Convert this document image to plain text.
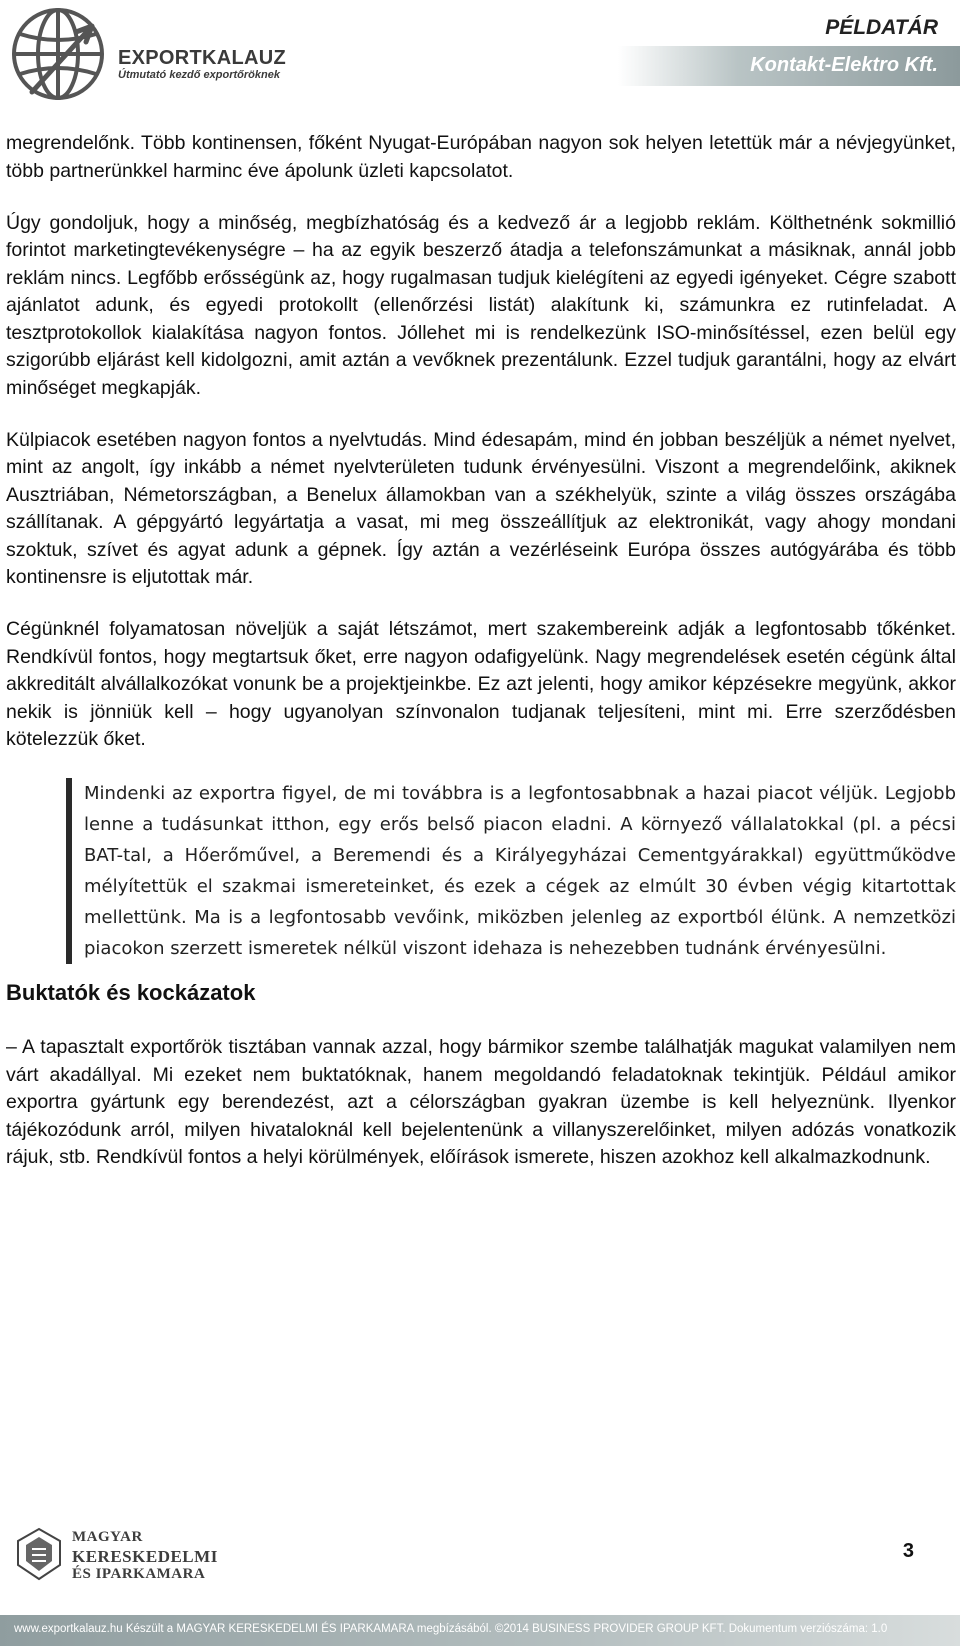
EXPORTKALAUZ
Útmutató kezdő exportőröknek
PÉLDATÁR
Kontakt-Elektro Kft.

megrendelőnk. Több kontinensen, főként Nyugat-Európában nagyon sok helyen letettük már a névjegyünket, több partnerünkkel harminc éve ápolunk üzleti kapcsolatot.

Úgy gondoljuk, hogy a minőség, megbízhatóság és a kedvező ár a legjobb reklám. Költhetnénk sokmillió forintot marketingtevékenységre – ha az egyik beszerző átadja a telefonszámunkat a másiknak, annál jobb reklám nincs. Legfőbb erősségünk az, hogy rugalmasan tudjuk kielégíteni az egyedi igényeket. Cégre szabott ajánlatot adunk, és egyedi protokollt (ellenőrzési listát) alakítunk ki, számunkra ez rutinfeladat. A tesztprotokollok kialakítása nagyon fontos. Jóllehet mi is rendelkezünk ISO-minősítéssel, ezen belül egy szigorúbb eljárást kell kidolgozni, amit aztán a vevőknek prezentálunk. Ezzel tudjuk garantálni, hogy az elvárt minőséget megkapják.

Külpiacok esetében nagyon fontos a nyelvtudás. Mind édesapám, mind én jobban beszéljük a német nyelvet, mint az angolt, így inkább a német nyelvterületen tudunk érvényesülni. Viszont a megrendelőink, akiknek Ausztriában, Németországban, a Benelux államokban van a székhelyük, szinte a világ összes országába szállítanak. A gépgyártó legyártatja a vasat, mi meg összeállítjuk az elektronikát, vagy ahogy mondani szoktuk, szívet és agyat adunk a gépnek. Így aztán a vezérléseink Európa összes autógyárába és több kontinensre is eljutottak már.

Cégünknél folyamatosan növeljük a saját létszámot, mert szakembereink adják a legfontosabb tőkénket. Rendkívül fontos, hogy megtartsuk őket, erre nagyon odafigyelünk. Nagy megrendelések esetén cégünk által akkreditált alvállalkozókat vonunk be a projektjeinkbe. Ez azt jelenti, hogy amikor képzésekre megyünk, akkor nekik is jönniük kell – hogy ugyanolyan színvonalon tudjanak teljesíteni, mint mi. Erre szerződésben kötelezzük őket.

Mindenki az exportra figyel, de mi továbbra is a legfontosabbnak a hazai piacot véljük. Legjobb lenne a tudásunkat itthon, egy erős belső piacon eladni. A környező vállalatokkal (pl. a pécsi BAT-tal, a Hőerőművel, a Beremendi és a Királyegyházai Cementgyárakkal) együttműködve mélyítettük el szakmai ismereteinket, és ezek a cégek az elmúlt 30 évben végig kitartottak mellettünk. Ma is a legfontosabb vevőink, miközben jelenleg az exportból élünk. A nemzetközi piacokon szerzett ismeretek nélkül viszont idehaza is nehezebben tudnánk érvényesülni.

Buktatók és kockázatok

– A tapasztalt exportőrök tisztában vannak azzal, hogy bármikor szembe találhatják magukat valamilyen nem várt akadállyal. Mi ezeket nem buktatóknak, hanem megoldandó feladatoknak tekintjük. Például amikor exportra gyártunk egy berendezést, azt a célországban gyakran üzembe is kell helyeznünk. Ilyenkor tájékozódunk arról, milyen hivataloknál kell bejelentenünk a villanyszerelőinket, milyen adózás vonatkozik rájuk, stb. Rendkívül fontos a helyi körülmények, előírások ismerete, hiszen azokhoz kell alkalmazkodnunk.

MAGYAR
KERESKEDELMI
ÉS IPARKAMARA
3
www.exportkalauz.hu Készült a MAGYAR KERESKEDELMI ÉS IPARKAMARA megbízásából. ©2014 BUSINESS PROVIDER GROUP KFT. Dokumentum verziószáma: 1.0
